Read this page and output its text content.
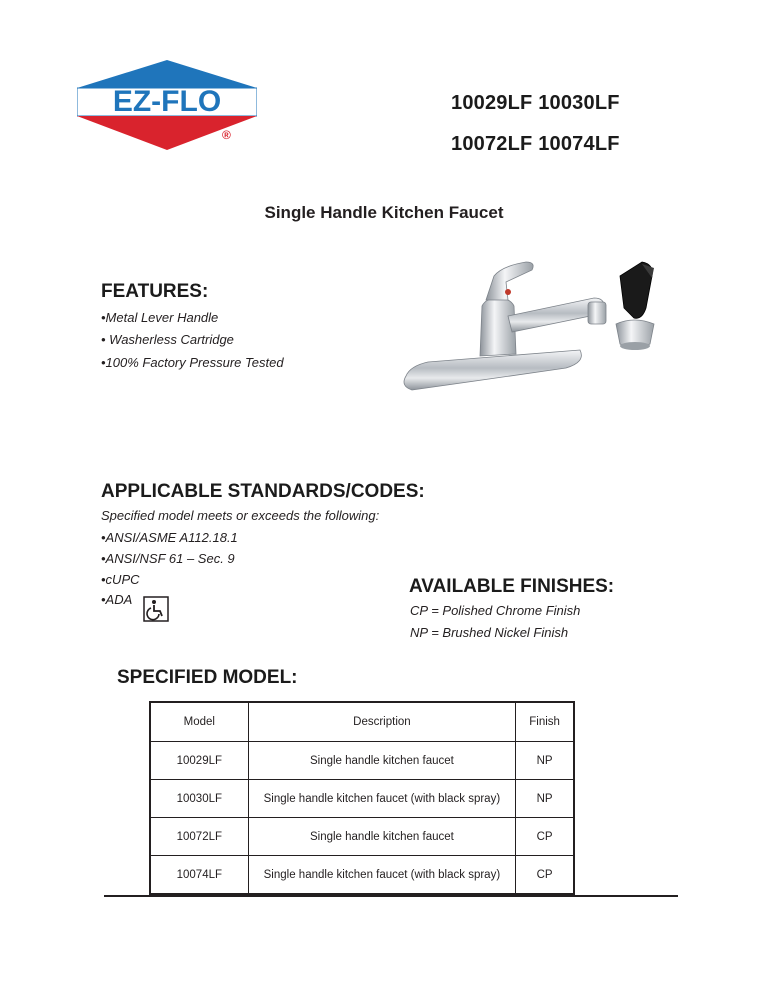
EZ-FLO
®
10029LF 10030LF
10072LF 10074LF
Single Handle Kitchen Faucet
FEATURES:
•Metal Lever Handle
• Washerless Cartridge
•100% Factory Pressure Tested
APPLICABLE STANDARDS/CODES:
Specified model meets or exceeds the following:
•ANSI/ASME A112.18.1
•ANSI/NSF 61 – Sec. 9
•cUPC
•ADA
AVAILABLE FINISHES:
CP = Polished Chrome Finish
NP = Brushed Nickel Finish
SPECIFIED MODEL:
Model	Description	Finish
10029LF	Single handle kitchen faucet	NP
10030LF	Single handle kitchen faucet (with black spray)	NP
10072LF	Single handle kitchen faucet	CP
10074LF	Single handle kitchen faucet (with black spray)	CP
